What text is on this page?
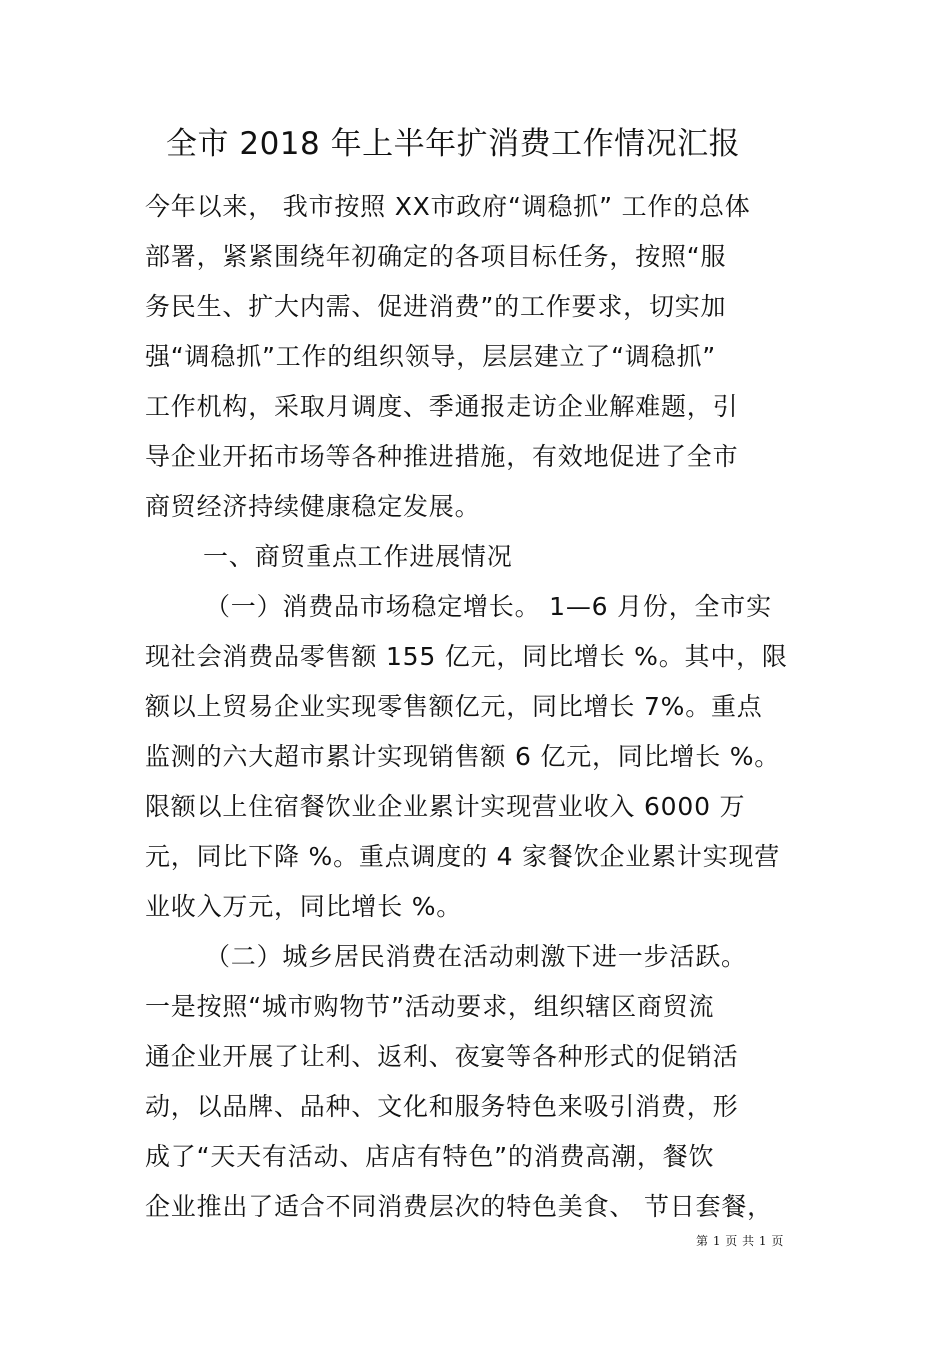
全市 2018 年上半年扩消费工作情况汇报
今年以来， 我市按照 XX市政府“调稳抓” 工作的总体
部署，紧紧围绕年初确定的各项目标任务，按照“服
务民生、扩大内需、促进消费”的工作要求，切实加
强“调稳抓”工作的组织领导，层层建立了“调稳抓”
工作机构，采取月调度、季通报走访企业解难题，引
导企业开拓市场等各种推进措施，有效地促进了全市
商贸经济持续健康稳定发展。
一、商贸重点工作进展情况
（一）消费品市场稳定增长。 1—6 月份，全市实
现社会消费品零售额 155 亿元，同比增长 %。其中，限
额以上贸易企业实现零售额亿元，同比增长 7%。重点
监测的六大超市累计实现销售额 6 亿元，同比增长 %。
限额以上住宿餐饮业企业累计实现营业收入 6000 万
元，同比下降 %。重点调度的 4 家餐饮企业累计实现营
业收入万元，同比增长 %。
（二）城乡居民消费在活动刺激下进一步活跃。
一是按照“城市购物节”活动要求，组织辖区商贸流
通企业开展了让利、返利、夜宴等各种形式的促销活
动，以品牌、品种、文化和服务特色来吸引消费，形
成了“天天有活动、店店有特色”的消费高潮，餐饮
企业推出了适合不同消费层次的特色美食、 节日套餐，
第 1 页 共 1 页
